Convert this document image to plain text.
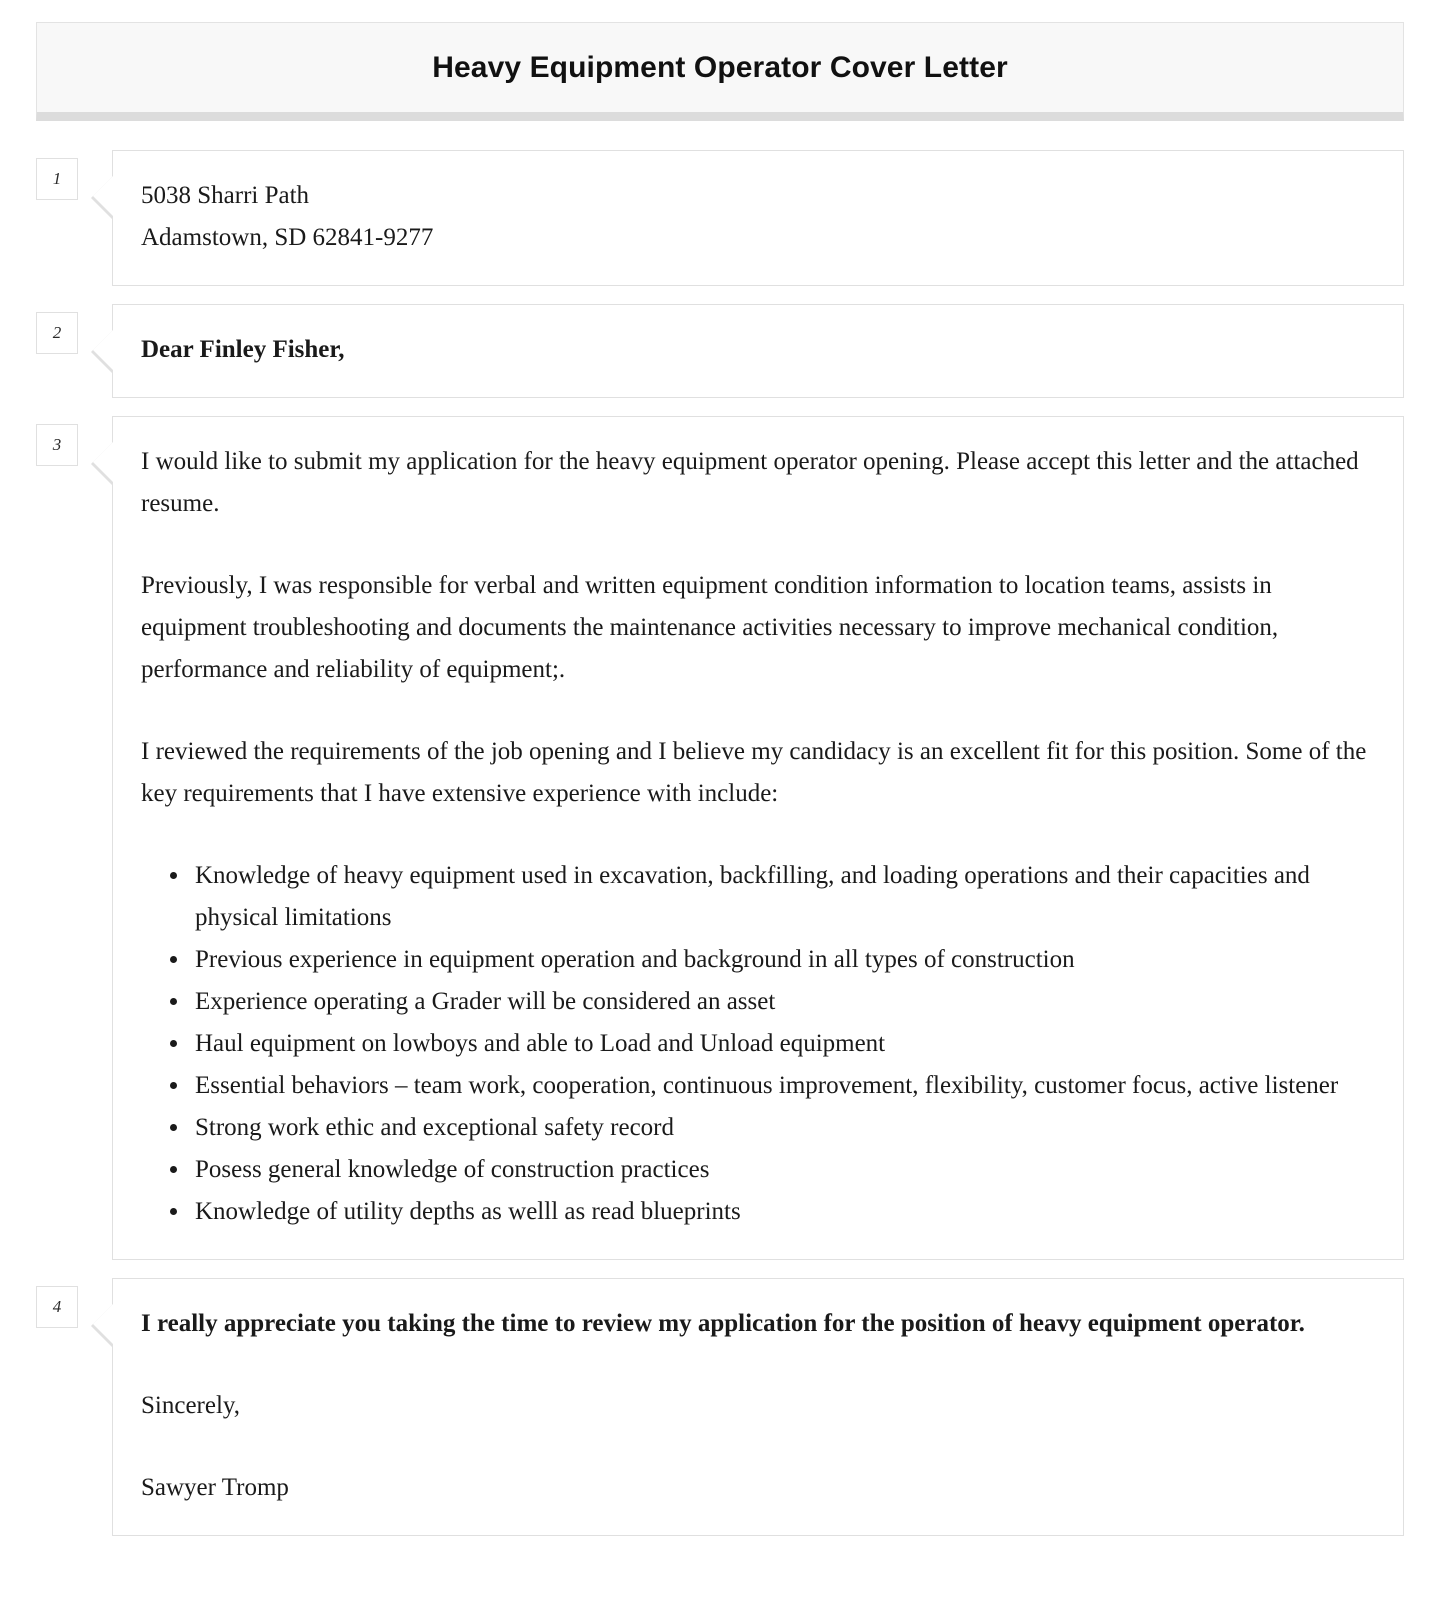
Heavy Equipment Operator Cover Letter
1
5038 Sharri Path
Adamstown, SD 62841-9277
2
Dear Finley Fisher,
3

I would like to submit my application for the heavy equipment operator opening. Please accept this letter and the attached resume.

Previously, I was responsible for verbal and written equipment condition information to location teams, assists in equipment troubleshooting and documents the maintenance activities necessary to improve mechanical condition, performance and reliability of equipment;.

I reviewed the requirements of the job opening and I believe my candidacy is an excellent fit for this position. Some of the key requirements that I have extensive experience with include:

• Knowledge of heavy equipment used in excavation, backfilling, and loading operations and their capacities and physical limitations
• Previous experience in equipment operation and background in all types of construction
• Experience operating a Grader will be considered an asset
• Haul equipment on lowboys and able to Load and Unload equipment
• Essential behaviors – team work, cooperation, continuous improvement, flexibility, customer focus, active listener
• Strong work ethic and exceptional safety record
• Posess general knowledge of construction practices
• Knowledge of utility depths as welll as read blueprints
4

I really appreciate you taking the time to review my application for the position of heavy equipment operator.

Sincerely,

Sawyer Tromp
